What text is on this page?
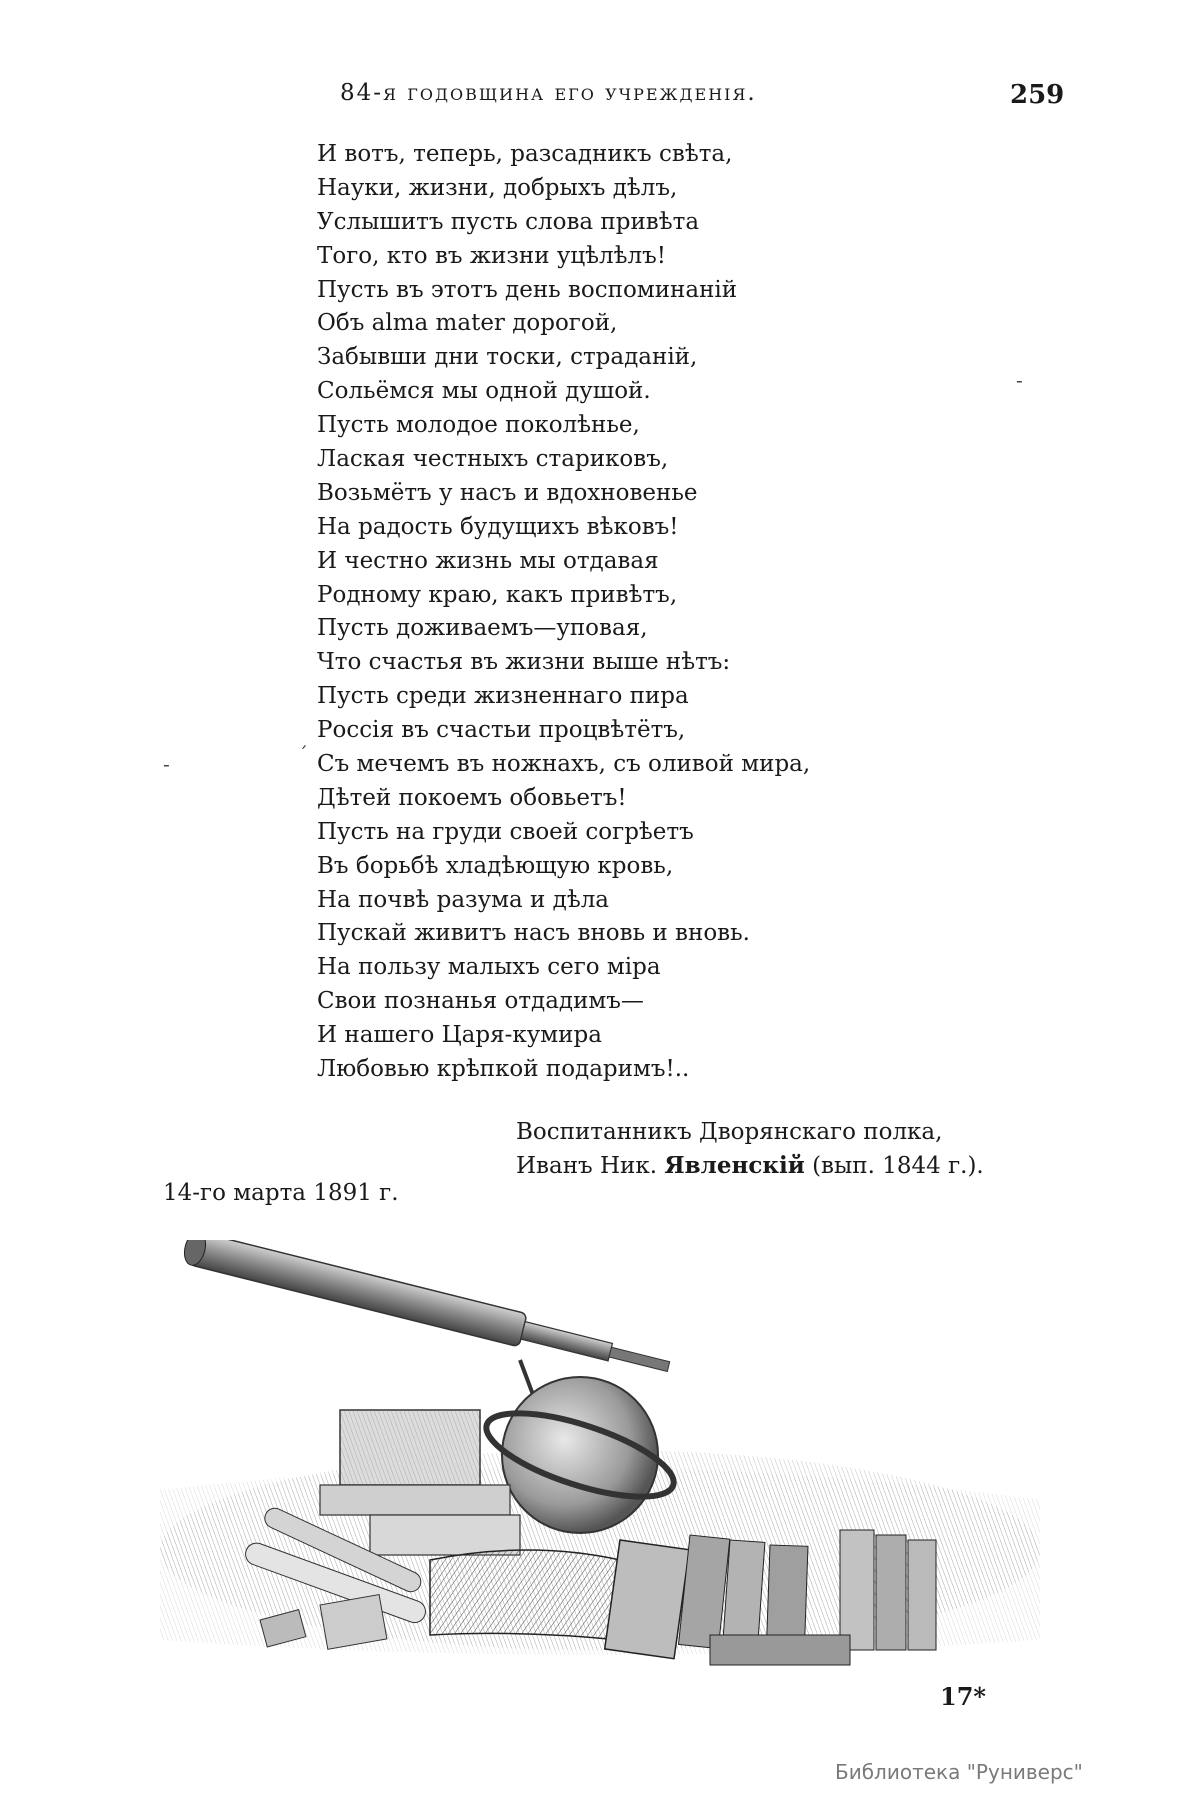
84-я годовщина его учрежденія.	259
И вотъ, теперь, разсадникъ свѣта,
Науки, жизни, добрыхъ дѣлъ,
Услышитъ пусть слова привѣта
Того, кто въ жизни уцѣлѣлъ!
Пусть въ этотъ день воспоминаній
Объ alma mater дорогой,
Забывши дни тоски, страданій,
Сольёмся мы одной душой.
Пусть молодое поколѣнье,
Лаская честныхъ стариковъ,
Возьмётъ у насъ и вдохновенье
На радость будущихъ вѣковъ!
И честно жизнь мы отдавая
Родному краю, какъ привѣтъ,
Пусть доживаемъ—уповая,
Что счастья въ жизни выше нѣтъ:
Пусть среди жизненнаго пира
Россія въ счастьи процвѣтётъ,
Съ мечемъ въ ножнахъ, съ оливой мира,
Дѣтей покоемъ обовьетъ!
Пусть на груди своей согрѣетъ
Въ борьбѣ хладѣющую кровь,
На почвѣ разума и дѣла
Пускай живитъ насъ вновь и вновь.
На пользу малыхъ сего міра
Свои познанья отдадимъ—
И нашего Царя-кумира
Любовью крѣпкой подаримъ!..
-
-	ˊ
Воспитанникъ Дворянскаго полка,
Иванъ Ник. Явленскій (вып. 1844 г.).
14-го марта 1891 г.
17*
Библиотека "Руниверс"
